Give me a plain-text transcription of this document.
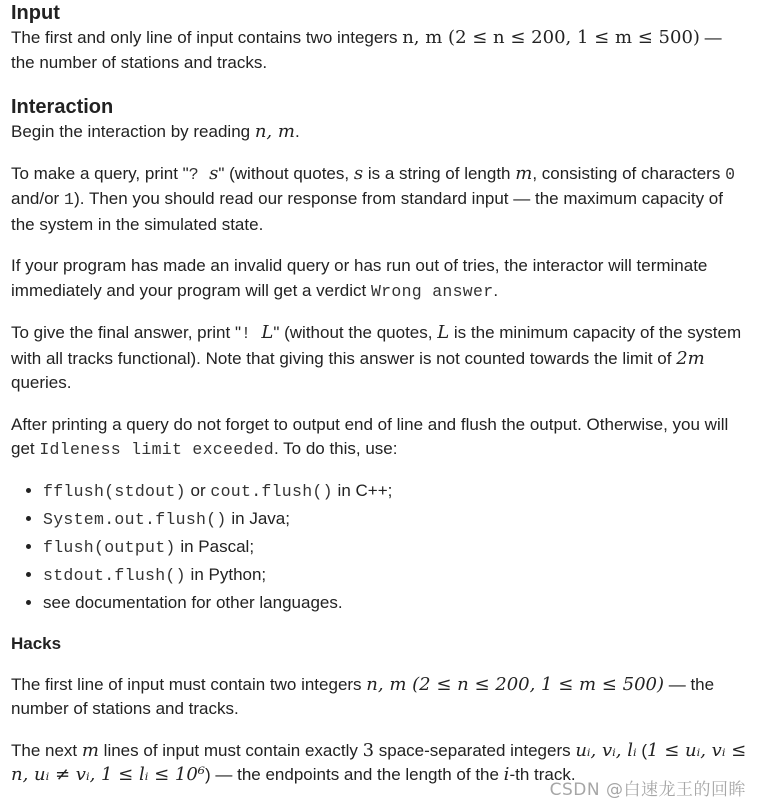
Input

The first and only line of input contains two integers n, m (2 ≤ n ≤ 200, 1 ≤ m ≤ 500) — the number of stations and tracks.

Interaction

Begin the interaction by reading n, m.

To make a query, print "? s" (without quotes, s is a string of length m, consisting of characters 0 and/or 1). Then you should read our response from standard input — the maximum capacity of the system in the simulated state.

If your program has made an invalid query or has run out of tries, the interactor will terminate immediately and your program will get a verdict Wrong answer.

To give the final answer, print "! L" (without the quotes, L is the minimum capacity of the system with all tracks functional). Note that giving this answer is not counted towards the limit of 2m queries.

After printing a query do not forget to output end of line and flush the output. Otherwise, you will get Idleness limit exceeded. To do this, use:

• fflush(stdout) or cout.flush() in C++;
• System.out.flush() in Java;
• flush(output) in Pascal;
• stdout.flush() in Python;
• see documentation for other languages.
Hacks

The first line of input must contain two integers n, m (2 ≤ n ≤ 200, 1 ≤ m ≤ 500) — the number of stations and tracks.

The next m lines of input must contain exactly 3 space-separated integers uᵢ, vᵢ, lᵢ (1 ≤ uᵢ, vᵢ ≤ n, uᵢ ≠ vᵢ, 1 ≤ lᵢ ≤ 10⁶) — the endpoints and the length of the i-th track.

CSDN @白速龙王的回眸
